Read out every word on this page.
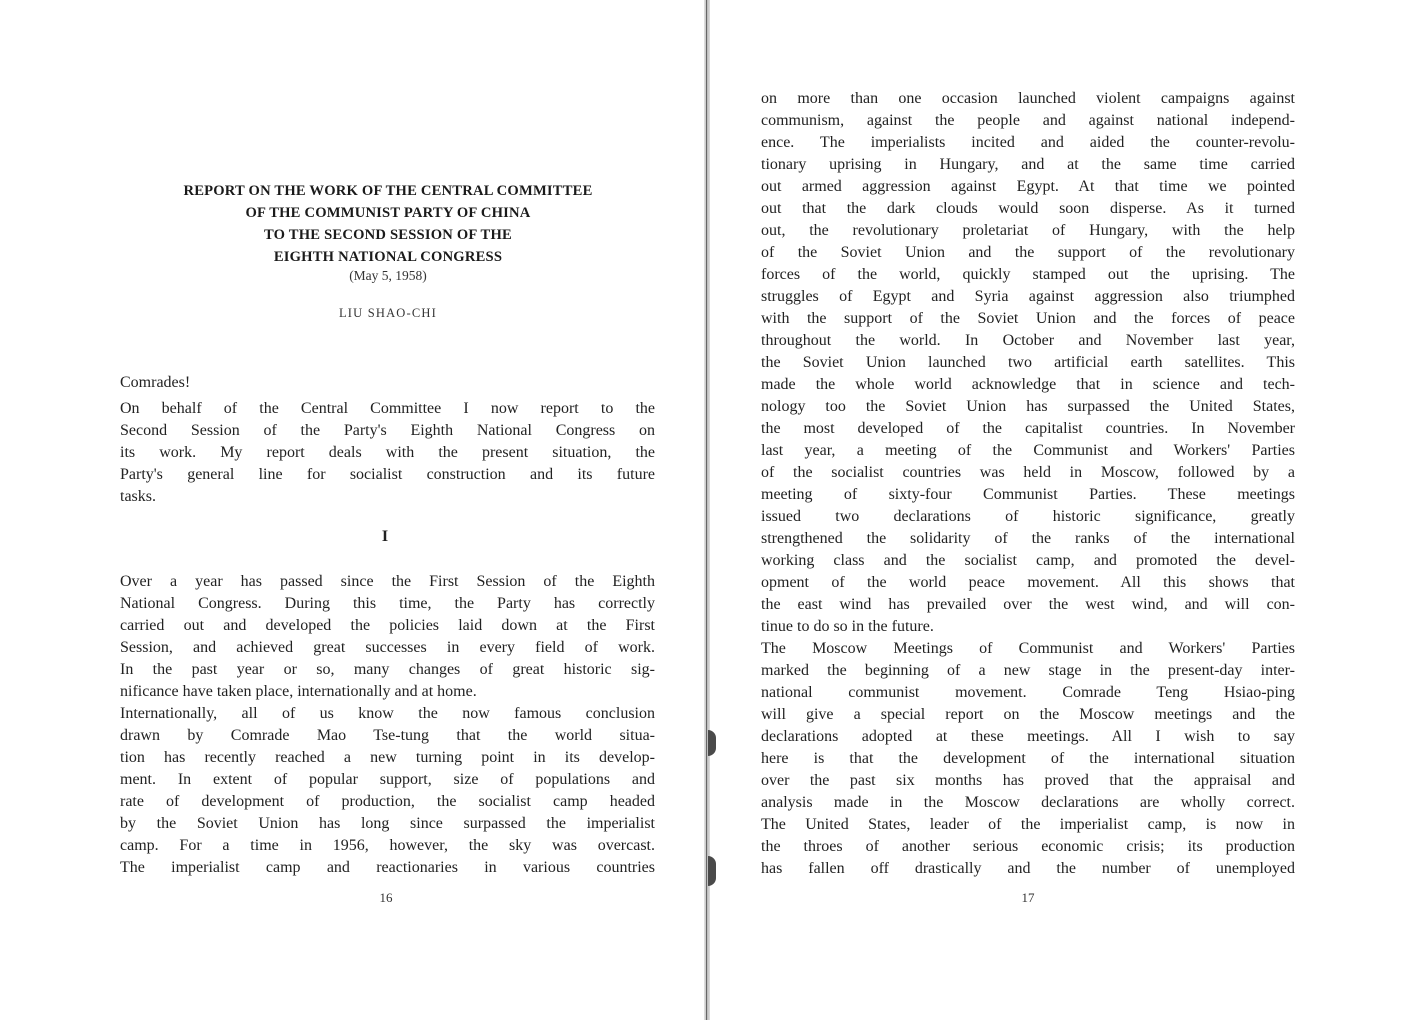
REPORT ON THE WORK OF THE CENTRAL COMMITTEE
OF THE COMMUNIST PARTY OF CHINA
TO THE SECOND SESSION OF THE
EIGHTH NATIONAL CONGRESS
(May 5, 1958)
LIU SHAO-CHI
Comrades!
On behalf of the Central Committee I now report to the
Second Session of the Party's Eighth National Congress on
its work. My report deals with the present situation, the
Party's general line for socialist construction and its future
tasks.
I
Over a year has passed since the First Session of the Eighth
National Congress. During this time, the Party has correctly
carried out and developed the policies laid down at the First
Session, and achieved great successes in every field of work.
In the past year or so, many changes of great historic sig-
nificance have taken place, internationally and at home.
Internationally, all of us know the now famous conclusion
drawn by Comrade Mao Tse-tung that the world situa-
tion has recently reached a new turning point in its develop-
ment. In extent of popular support, size of populations and
rate of development of production, the socialist camp headed
by the Soviet Union has long since surpassed the imperialist
camp. For a time in 1956, however, the sky was overcast.
The imperialist camp and reactionaries in various countries
16
on more than one occasion launched violent campaigns against
communism, against the people and against national independ-
ence. The imperialists incited and aided the counter-revolu-
tionary uprising in Hungary, and at the same time carried
out armed aggression against Egypt. At that time we pointed
out that the dark clouds would soon disperse. As it turned
out, the revolutionary proletariat of Hungary, with the help
of the Soviet Union and the support of the revolutionary
forces of the world, quickly stamped out the uprising. The
struggles of Egypt and Syria against aggression also triumphed
with the support of the Soviet Union and the forces of peace
throughout the world. In October and November last year,
the Soviet Union launched two artificial earth satellites. This
made the whole world acknowledge that in science and tech-
nology too the Soviet Union has surpassed the United States,
the most developed of the capitalist countries. In November
last year, a meeting of the Communist and Workers' Parties
of the socialist countries was held in Moscow, followed by a
meeting of sixty-four Communist Parties. These meetings
issued two declarations of historic significance, greatly
strengthened the solidarity of the ranks of the international
working class and the socialist camp, and promoted the devel-
opment of the world peace movement. All this shows that
the east wind has prevailed over the west wind, and will con-
tinue to do so in the future.
The Moscow Meetings of Communist and Workers' Parties
marked the beginning of a new stage in the present-day inter-
national communist movement. Comrade Teng Hsiao-ping
will give a special report on the Moscow meetings and the
declarations adopted at these meetings. All I wish to say
here is that the development of the international situation
over the past six months has proved that the appraisal and
analysis made in the Moscow declarations are wholly correct.
The United States, leader of the imperialist camp, is now in
the throes of another serious economic crisis; its production
has fallen off drastically and the number of unemployed
17
